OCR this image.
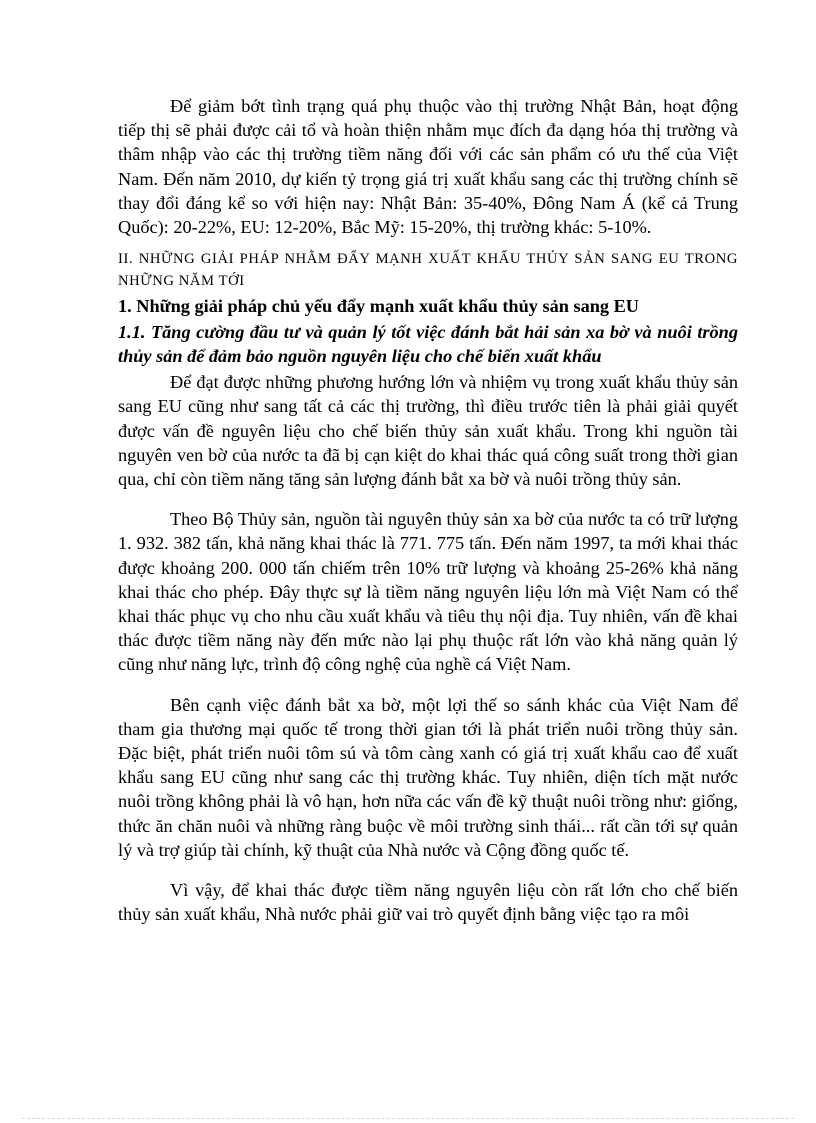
Để giảm bớt tình trạng quá phụ thuộc vào thị trường Nhật Bản, hoạt động tiếp thị sẽ phải được cải tổ và hoàn thiện nhằm mục đích đa dạng hóa thị trường và thâm nhập vào các thị trường tiềm năng đối với các sản phẩm có ưu thế của Việt Nam. Đến năm 2010, dự kiến tỷ trọng giá trị xuất khẩu sang các thị trường chính sẽ thay đổi đáng kể so với hiện nay: Nhật Bản: 35-40%, Đông Nam Á (kể cả Trung Quốc): 20-22%, EU: 12-20%, Bắc Mỹ: 15-20%, thị trường khác: 5-10%.

II. NHỮNG GIẢI PHÁP NHẰM ĐẨY MẠNH XUẤT KHẨU THỦY SẢN SANG EU TRONG NHỮNG NĂM TỚI

1. Những giải pháp chủ yếu đẩy mạnh xuất khẩu thủy sản sang EU

1.1. Tăng cường đầu tư và quản lý tốt việc đánh bắt hải sản xa bờ và nuôi trồng thủy sản để đảm bảo nguồn nguyên liệu cho chế biến xuất khẩu

Để đạt được những phương hướng lớn và nhiệm vụ trong xuất khẩu thủy sản sang EU cũng như sang tất cả các thị trường, thì điều trước tiên là phải giải quyết được vấn đề nguyên liệu cho chế biến thủy sản xuất khẩu. Trong khi nguồn tài nguyên ven bờ của nước ta đã bị cạn kiệt do khai thác quá công suất trong thời gian qua, chỉ còn tiềm năng tăng sản lượng đánh bắt xa bờ và nuôi trồng thủy sản.

Theo Bộ Thủy sản, nguồn tài nguyên thủy sản xa bờ của nước ta có trữ lượng 1. 932. 382 tấn, khả năng khai thác là 771. 775 tấn. Đến năm 1997, ta mới khai thác được khoảng 200. 000 tấn chiếm trên 10% trữ lượng và khoảng 25-26% khả năng khai thác cho phép. Đây thực sự là tiềm năng nguyên liệu lớn mà Việt Nam có thể khai thác phục vụ cho nhu cầu xuất khẩu và tiêu thụ nội địa. Tuy nhiên, vấn đề khai thác được tiềm năng này đến mức nào lại phụ thuộc rất lớn vào khả năng quản lý cũng như năng lực, trình độ công nghệ của nghề cá Việt Nam.

Bên cạnh việc đánh bắt xa bờ, một lợi thế so sánh khác của Việt Nam để tham gia thương mại quốc tế trong thời gian tới là phát triển nuôi trồng thủy sản. Đặc biệt, phát triển nuôi tôm sú và tôm càng xanh có giá trị xuất khẩu cao để xuất khẩu sang EU cũng như sang các thị trường khác. Tuy nhiên, diện tích mặt nước nuôi trồng không phải là vô hạn, hơn nữa các vấn đề kỹ thuật nuôi trồng như: giống, thức ăn chăn nuôi và những ràng buộc về môi trường sinh thái... rất cần tới sự quản lý và trợ giúp tài chính, kỹ thuật của Nhà nước và Cộng đồng quốc tế.

Vì vậy, để khai thác được tiềm năng nguyên liệu còn rất lớn cho chế biến thủy sản xuất khẩu, Nhà nước phải giữ vai trò quyết định bằng việc tạo ra môi
